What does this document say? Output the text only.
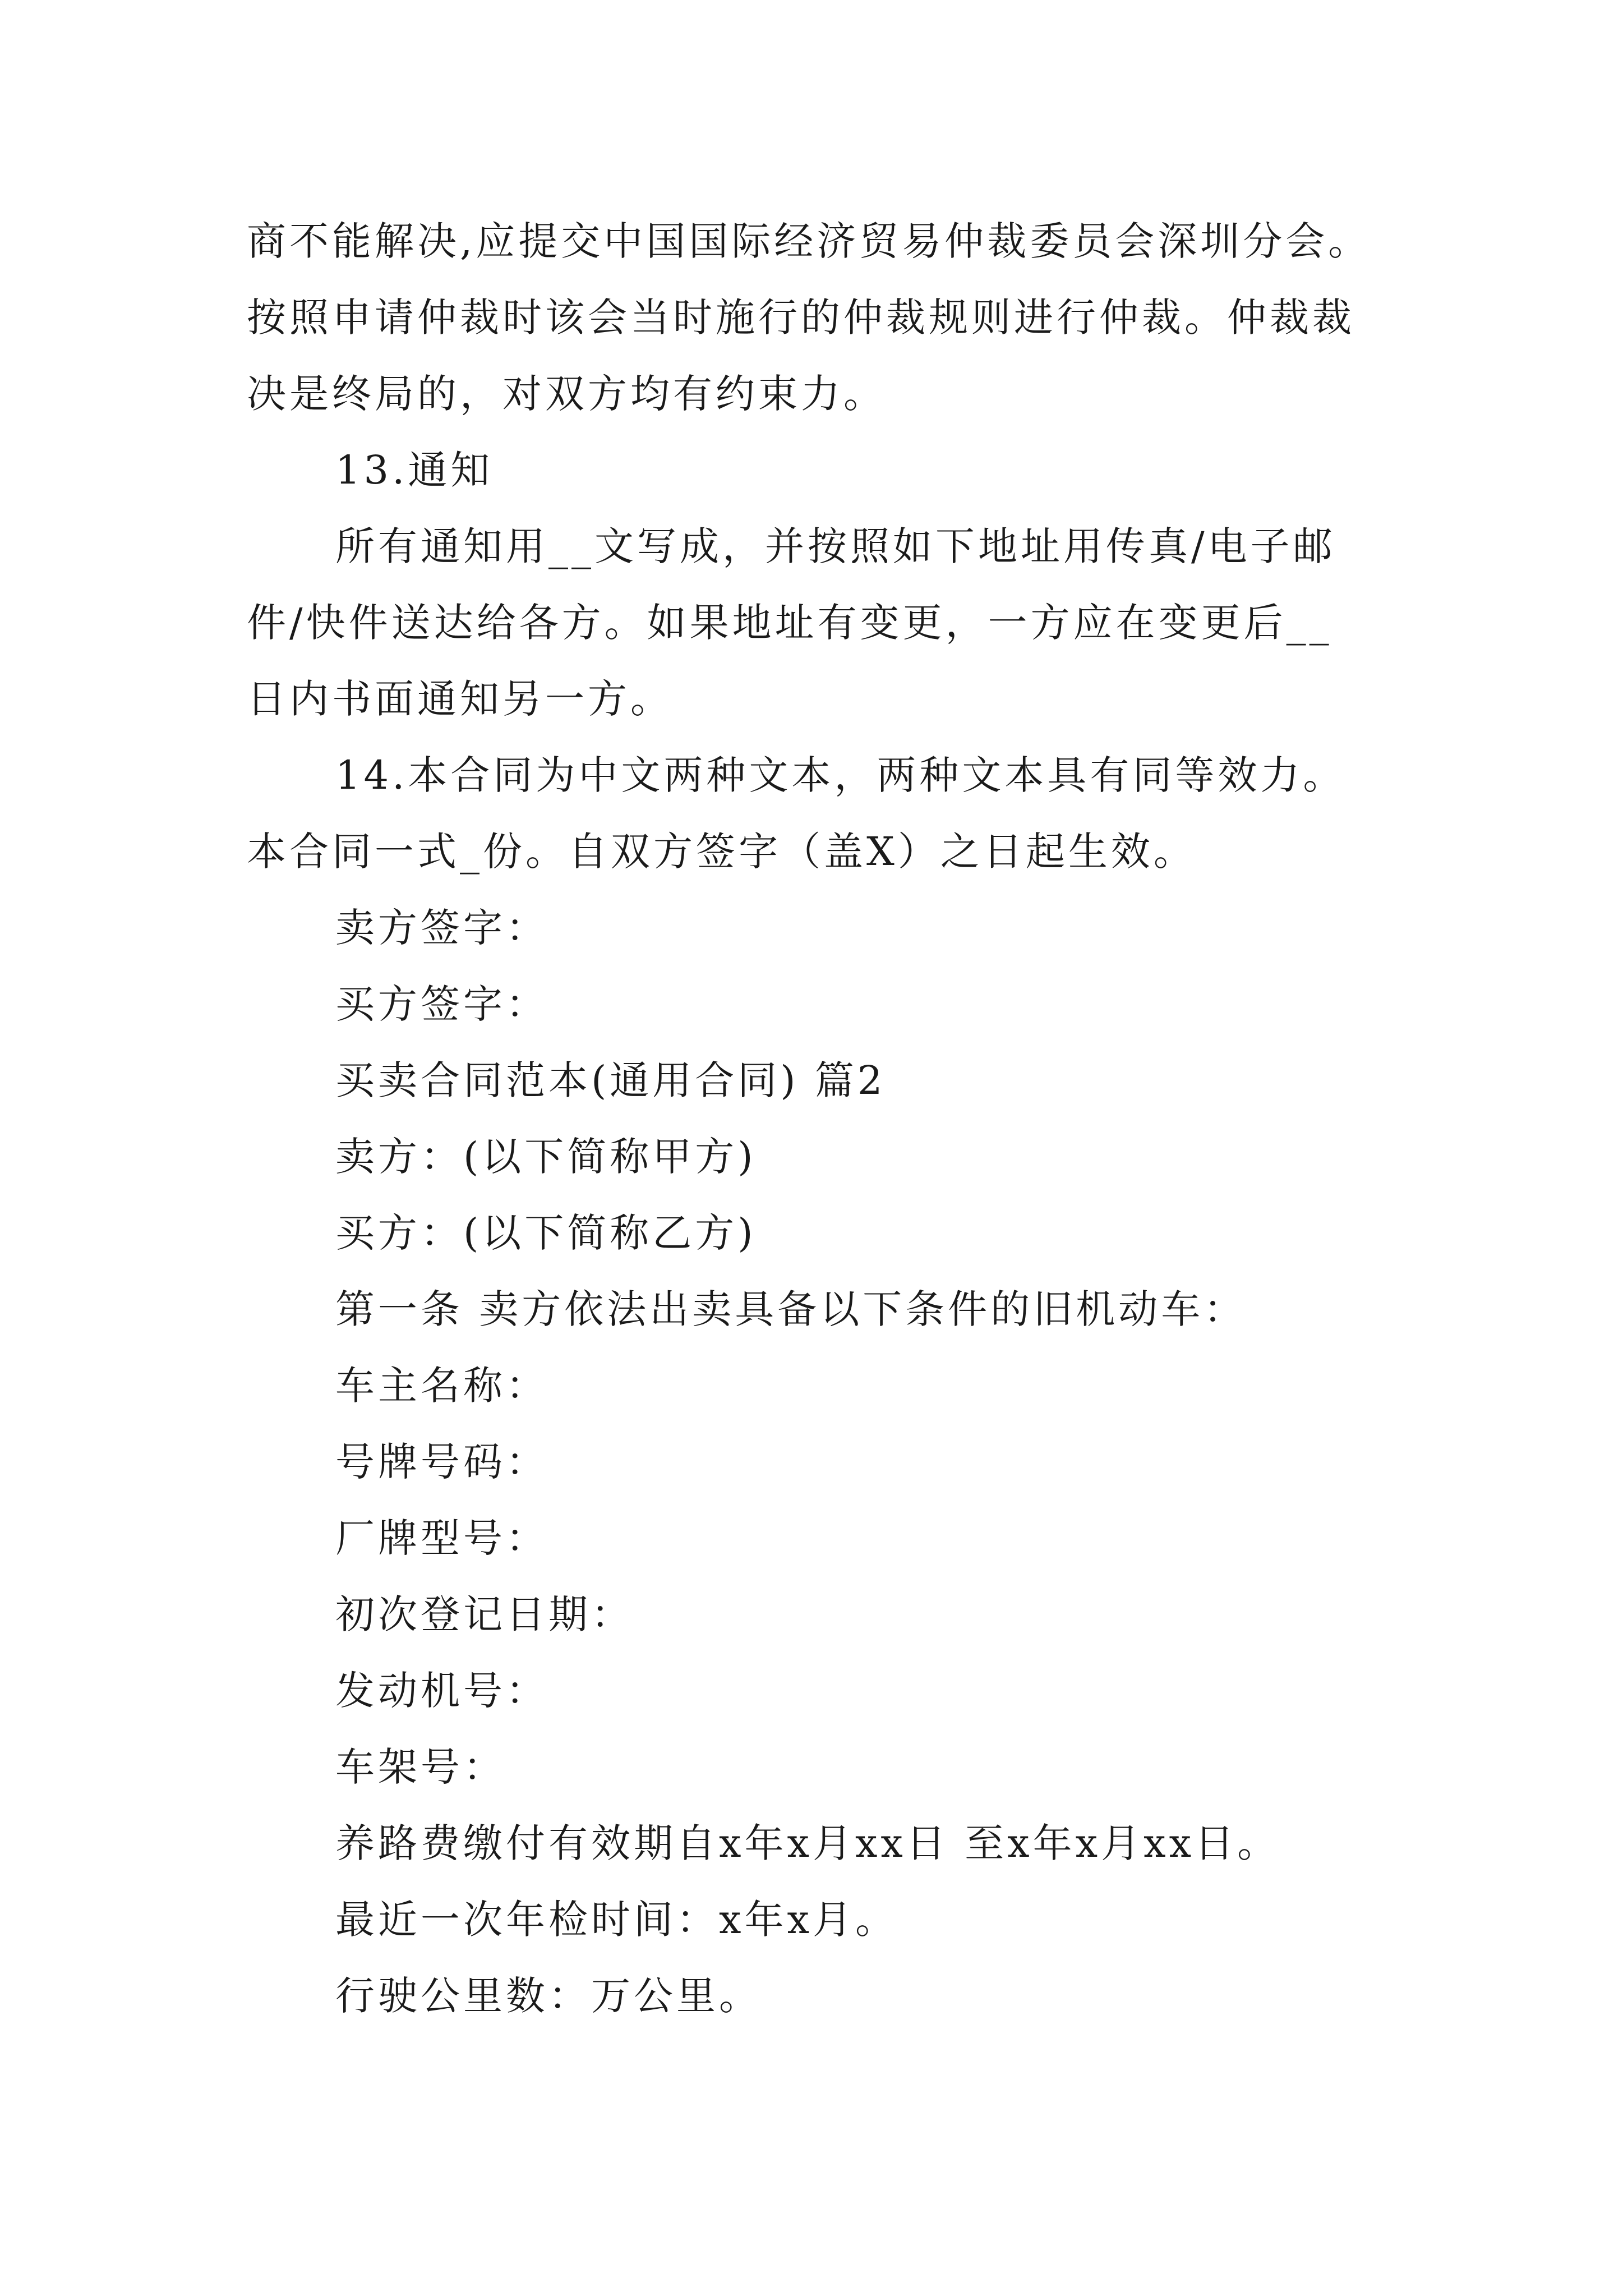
商不能解决,应提交中国国际经济贸易仲裁委员会深圳分会。
按照申请仲裁时该会当时施行的仲裁规则进行仲裁。仲裁裁
决是终局的，对双方均有约束力。
13.通知
所有通知用__文写成，并按照如下地址用传真/电子邮
件/快件送达给各方。如果地址有变更，一方应在变更后__
日内书面通知另一方。
14.本合同为中文两种文本，两种文本具有同等效力。
本合同一式_份。自双方签字（盖X）之日起生效。
卖方签字：
买方签字：
买卖合同范本(通用合同) 篇2
卖方：(以下简称甲方)
买方：(以下简称乙方)
第一条 卖方依法出卖具备以下条件的旧机动车：
车主名称：
号牌号码：
厂牌型号：
初次登记日期：
发动机号：
车架号：
养路费缴付有效期自x年x月xx日 至x年x月xx日。
最近一次年检时间：x年x月。
行驶公里数：万公里。
